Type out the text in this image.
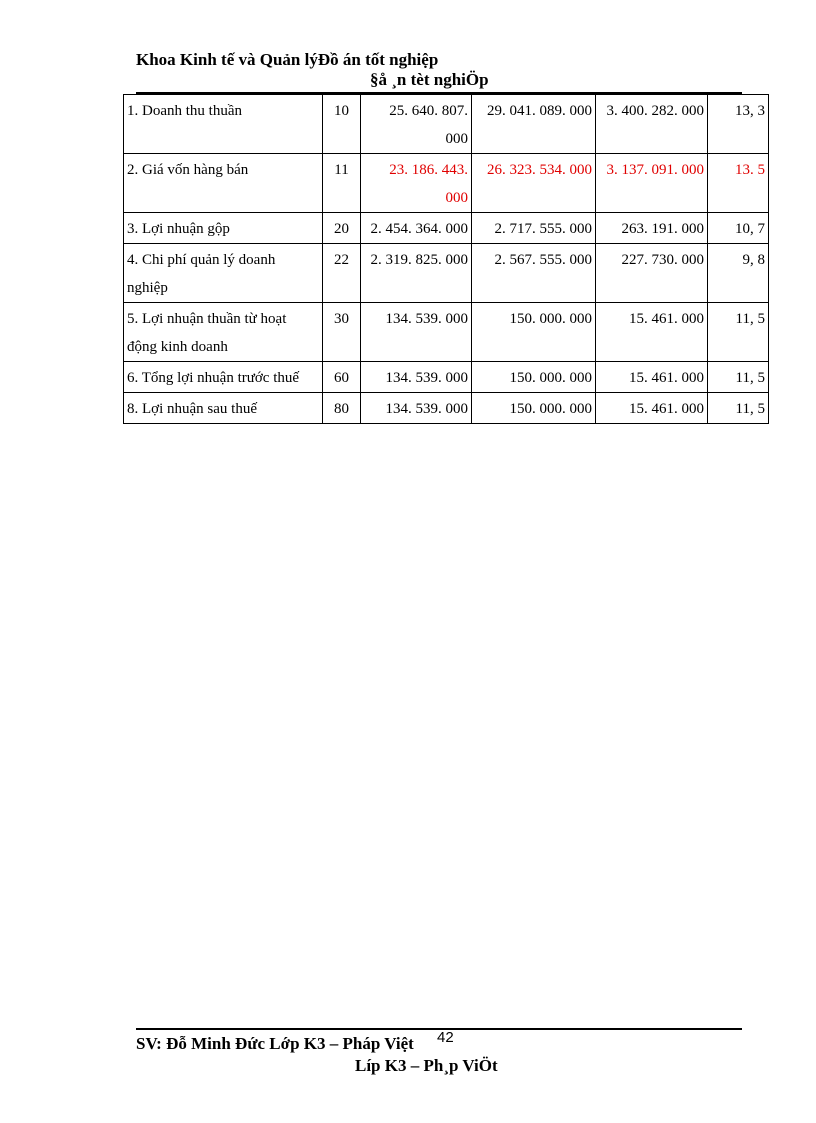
Khoa Kinh tế và Quản lýĐồ án tốt nghiệp
§å ¸n tèt nghiÖp
1. Doanh thu thuần	10	25. 640. 807. 000	29. 041. 089. 000	3. 400. 282. 000	13, 3
2. Giá vốn hàng bán	11	23. 186. 443. 000	26. 323. 534. 000	3. 137. 091. 000	13. 5
3. Lợi nhuận gộp	20	2. 454. 364. 000	2. 717. 555. 000	263. 191. 000	10, 7
4. Chi phí quản lý doanh nghiệp	22	2. 319. 825. 000	2. 567. 555. 000	227. 730. 000	9, 8
5. Lợi nhuận thuần từ hoạt động kinh doanh	30	134. 539. 000	150. 000. 000	15. 461. 000	11, 5
6. Tổng lợi nhuận trước thuế	60	134. 539. 000	150. 000. 000	15. 461. 000	11, 5
8. Lợi nhuận sau thuế	80	134. 539. 000	150. 000. 000	15. 461. 000	11, 5
SV: Đỗ Minh Đức Lớp K3 – Pháp Việt 42
Líp K3 – Ph¸p ViÖt
